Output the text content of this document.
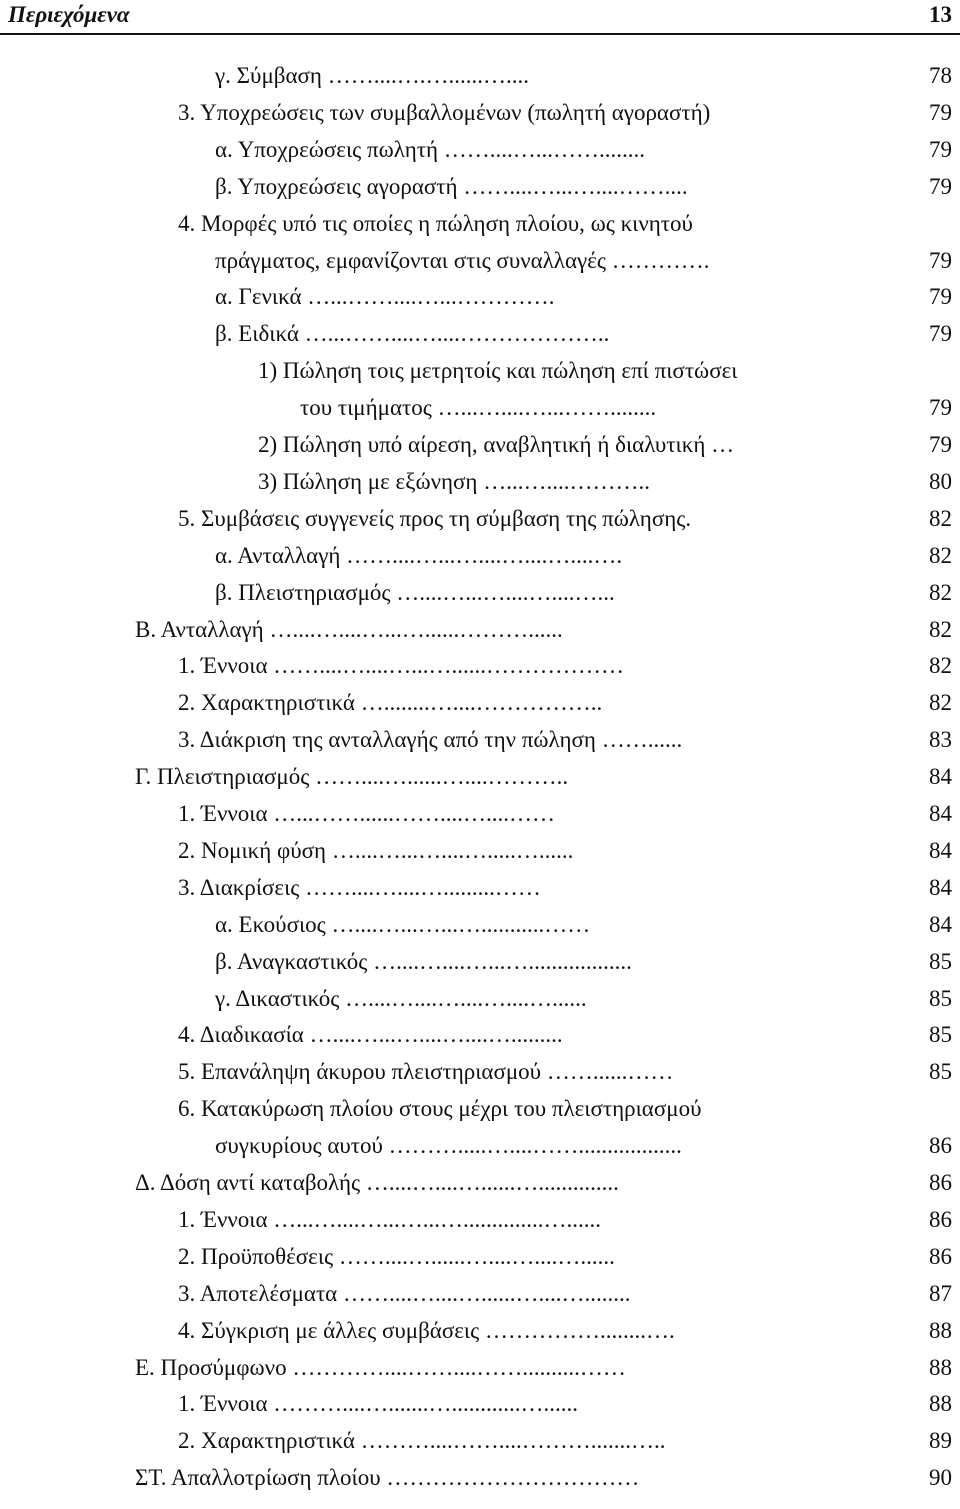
Περιεχόμενα	13
γ. Σύμβαση ……....….…......…....	78
3. Υποχρεώσεις των συμβαλλομένων (πωλητή αγοραστή)	79
α. Υποχρεώσεις πωλητή ……....…...……........	79
β. Υποχρεώσεις αγοραστή ……....…...…....……....	79
4. Μορφές υπό τις οποίες η πώληση πλοίου, ως κινητού
πράγματος, εμφανίζονται στις συναλλαγές ………….	79
α. Γενικά …...……....…...………….	79
β. Ειδικά …...……....…....………………..	79
1) Πώληση τοις μετρητοίς και πώληση επί πιστώσει
του τιμήματος …...…....…...……........	79
2) Πώληση υπό αίρεση, αναβλητική ή διαλυτική …	79
3) Πώληση με εξώνηση …...…....………..	80
5. Συμβάσεις συγγενείς προς τη σύμβαση της πώλησης.	82
α. Ανταλλαγή ……....…...…....…....…....….	82
β. Πλειστηριασμός …....…...…....…....…...	82
Β. Ανταλλαγή …....…....…...…......………......	82
1. Έννοια ……....…....…...…......………………	82
2. Χαρακτηριστικά …........…....……………..	82
3. Διάκριση της ανταλλαγής από την πώληση ……......	83
Γ. Πλειστηριασμός ……....…......…....………..	84
1. Έννοια …...……......……....…....……	84
2. Νομική φύση …....…...…....….....…......	84
3. Διακρίσεις ……....…....….........……	84
α. Εκούσιος …....…...…...…...........……	84
β. Αναγκαστικός …....…....…...…..................	85
γ. Δικαστικός …....…....…....…....…......	85
4. Διαδικασία …....…...…....…....….........	85
5. Επανάληψη άκυρου πλειστηριασμού ……......……	85
6. Κατακύρωση πλοίου στους μέχρι του πλειστηριασμού
συγκυρίους αυτού ……….....…....……..................	86
Δ. Δόση αντί καταβολής …....…....…......…..............	86
1. Έννοια …...…....…...…...…..............…......	86
2. Προϋποθέσεις ……....…......…....…....…......	86
3. Αποτελέσματα ……....…....…......…....…........	87
4. Σύγκριση με άλλες συμβάσεις ……………........….	88
Ε. Προσύμφωνο …………....……....……..........……	88
1. Έννοια ………....….......…............…......	88
2. Χαρακτηριστικά ………....……....……….......…..	89
ΣΤ. Απαλλοτρίωση πλοίου ……………………………	90
